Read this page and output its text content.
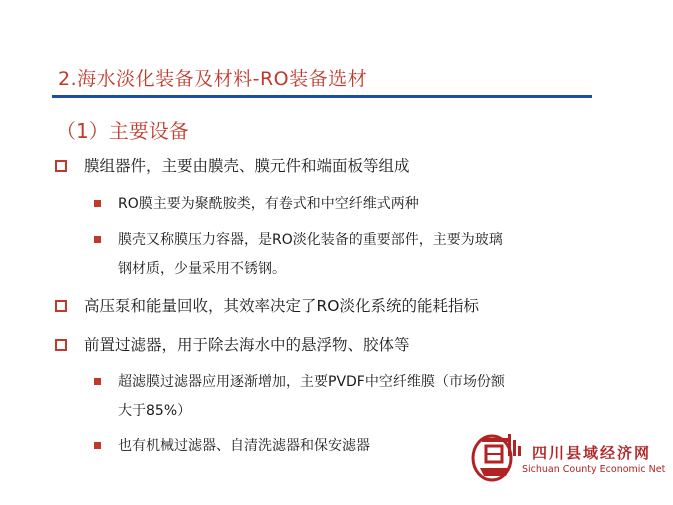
2.海水淡化装备及材料-RO装备选材
（1）主要设备
膜组器件，主要由膜壳、膜元件和端面板等组成
RO膜主要为聚酰胺类，有卷式和中空纤维式两种
膜壳又称膜压力容器，是RO淡化装备的重要部件，主要为玻璃
钢材质，少量采用不锈钢。
高压泵和能量回收，其效率决定了RO淡化系统的能耗指标
前置过滤器，用于除去海水中的悬浮物、胶体等
超滤膜过滤器应用逐渐增加，主要PVDF中空纤维膜（市场份额
大于85%）
也有机械过滤器、自清洗滤器和保安滤器	四川县域经济网
Sichuan County Economic Net
